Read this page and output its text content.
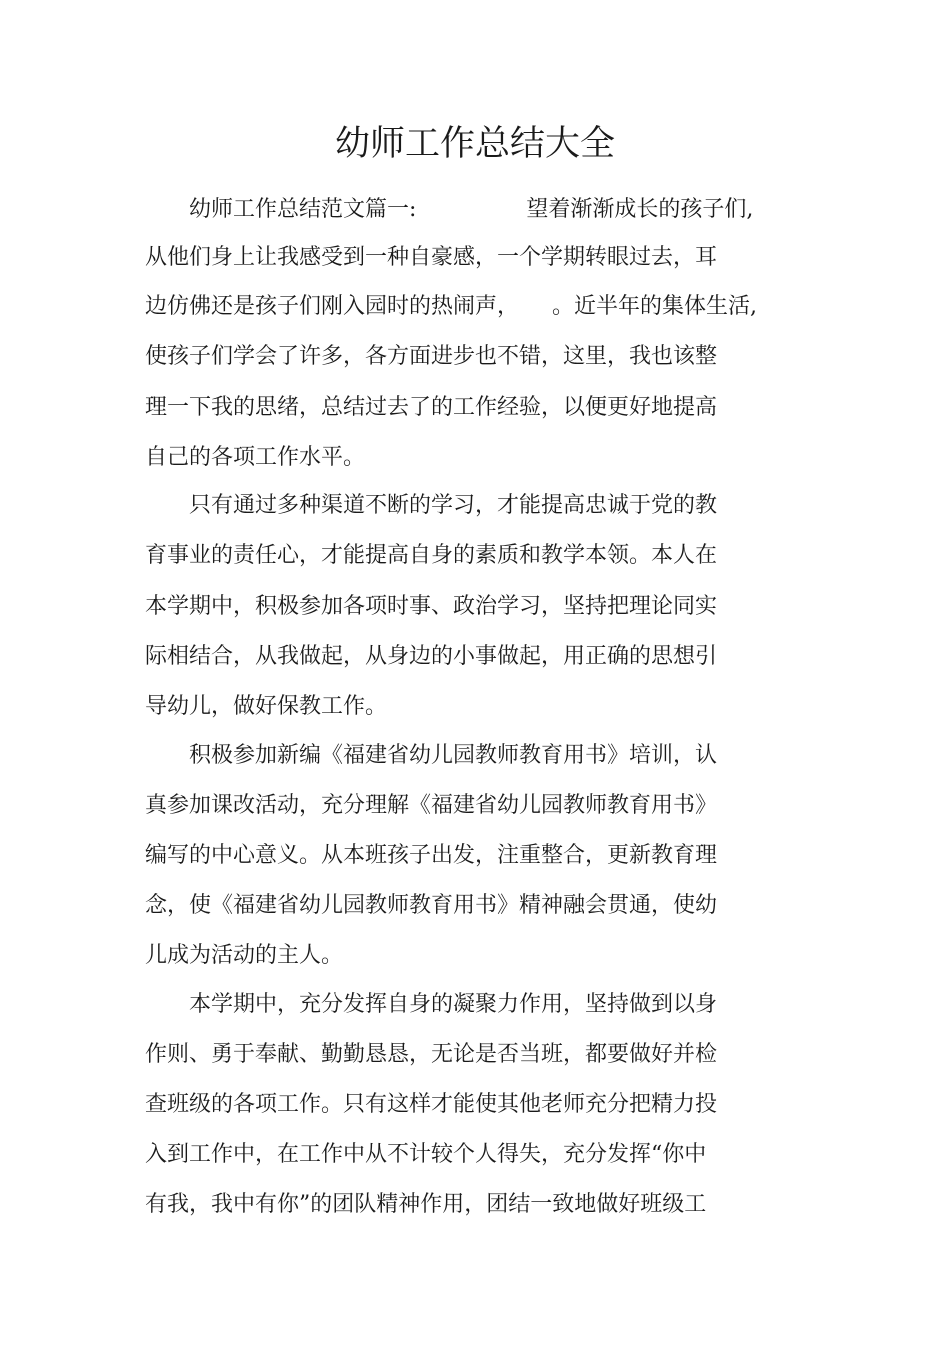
幼师工作总结大全

　　幼师工作总结范文篇一:　　　　　望着渐渐成长的孩子们,

从他们身上让我感受到一种自豪感，一个学期转眼过去，耳

边仿佛还是孩子们刚入园时的热闹声，　　。近半年的集体生活,

使孩子们学会了许多，各方面进步也不错，这里，我也该整

理一下我的思绪，总结过去了的工作经验，以便更好地提高

自己的各项工作水平。

　　只有通过多种渠道不断的学习，才能提高忠诚于党的教

育事业的责任心，才能提高自身的素质和教学本领。本人在

本学期中，积极参加各项时事、政治学习，坚持把理论同实

际相结合，从我做起，从身边的小事做起，用正确的思想引

导幼儿，做好保教工作。

　　积极参加新编《福建省幼儿园教师教育用书》培训，认

真参加课改活动，充分理解《福建省幼儿园教师教育用书》

编写的中心意义。从本班孩子出发，注重整合，更新教育理

念，使《福建省幼儿园教师教育用书》精神融会贯通，使幼

儿成为活动的主人。

　　本学期中，充分发挥自身的凝聚力作用，坚持做到以身

作则、勇于奉献、勤勤恳恳，无论是否当班，都要做好并检

查班级的各项工作。只有这样才能使其他老师充分把精力投

入到工作中，在工作中从不计较个人得失，充分发挥“你中

有我，我中有你”的团队精神作用，团结一致地做好班级工
